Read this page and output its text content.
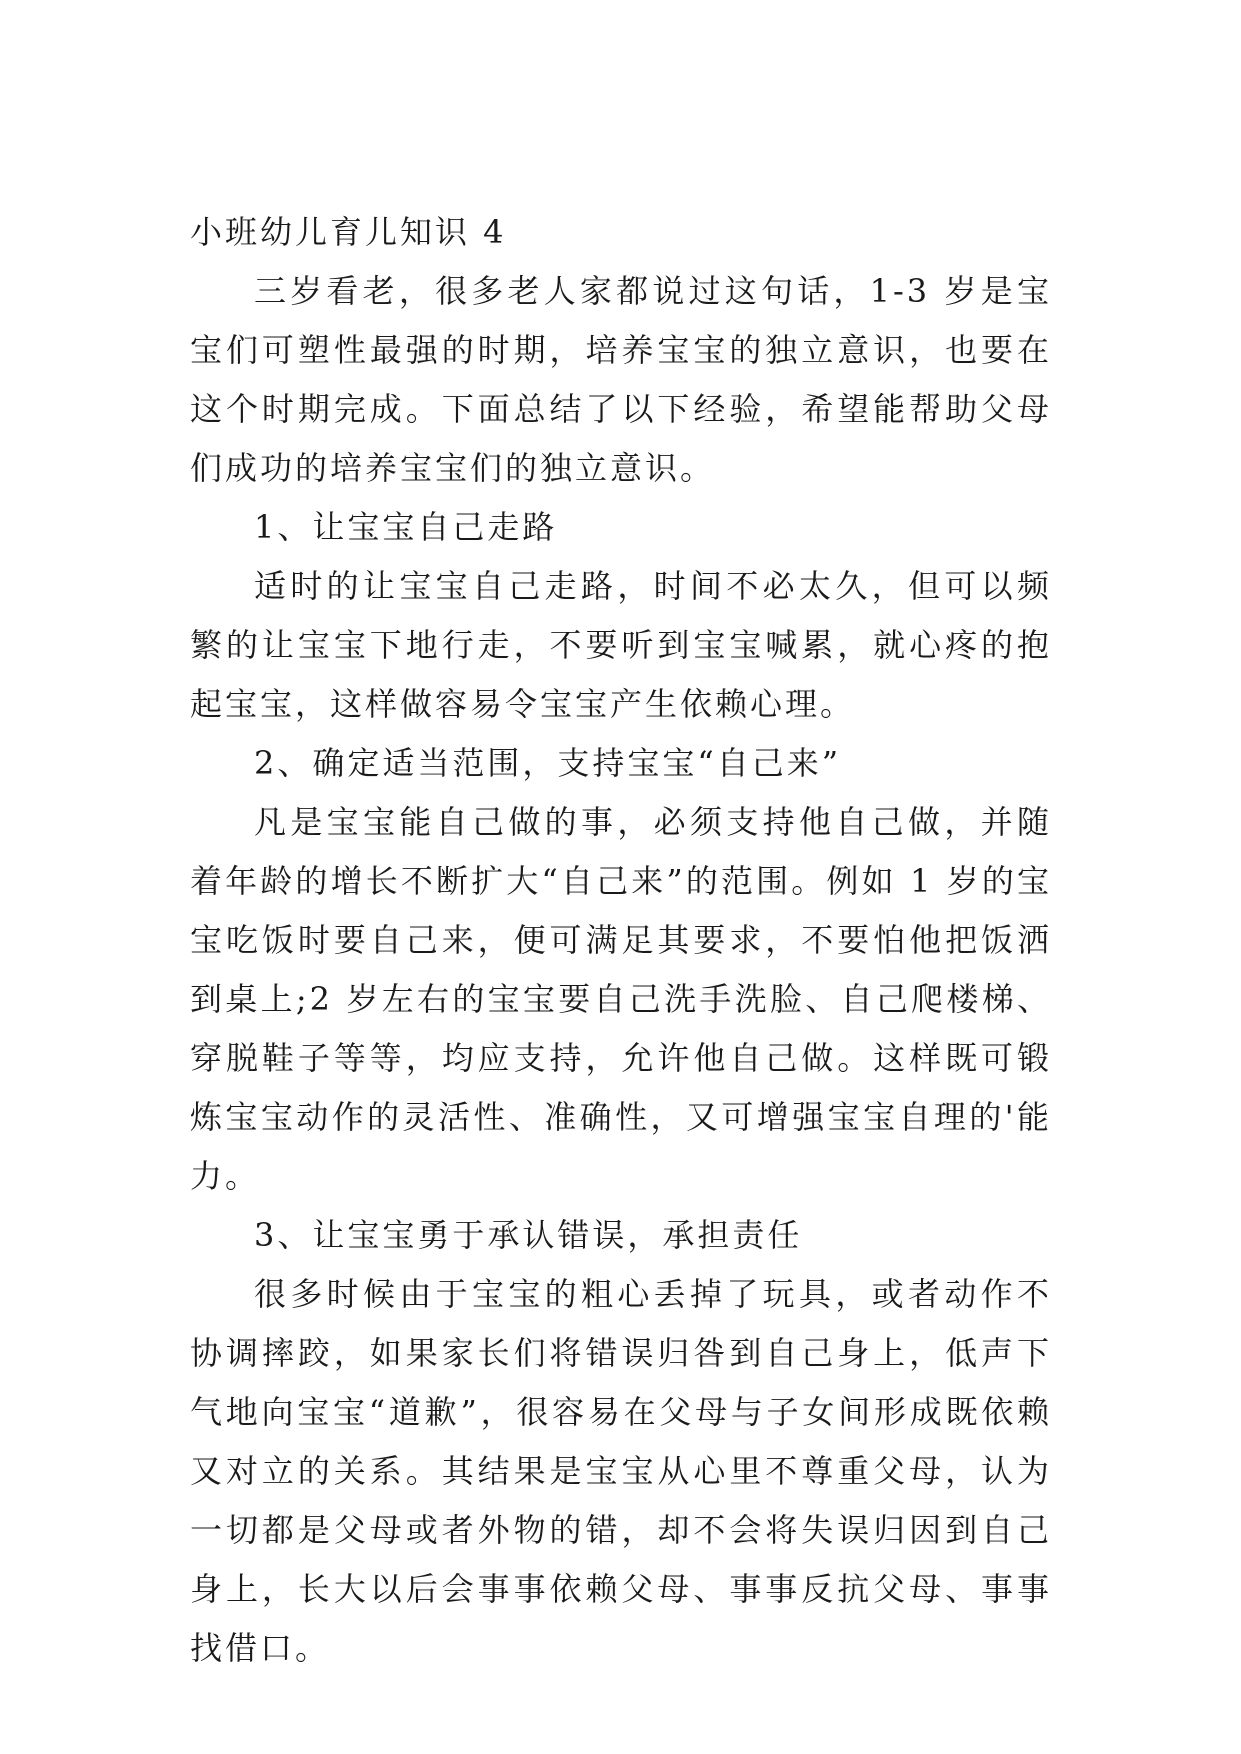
小班幼儿育儿知识 4

三岁看老，很多老人家都说过这句话，1-3 岁是宝宝们可塑性最强的时期，培养宝宝的独立意识，也要在这个时期完成。下面总结了以下经验，希望能帮助父母们成功的培养宝宝们的独立意识。

1、让宝宝自己走路

适时的让宝宝自己走路，时间不必太久，但可以频繁的让宝宝下地行走，不要听到宝宝喊累，就心疼的抱起宝宝，这样做容易令宝宝产生依赖心理。

2、确定适当范围，支持宝宝“自己来”

凡是宝宝能自己做的事，必须支持他自己做，并随着年龄的增长不断扩大“自己来”的范围。例如 1 岁的宝宝吃饭时要自己来，便可满足其要求，不要怕他把饭洒到桌上;2 岁左右的宝宝要自己洗手洗脸、自己爬楼梯、穿脱鞋子等等，均应支持，允许他自己做。这样既可锻炼宝宝动作的灵活性、准确性，又可增强宝宝自理的'能力。

3、让宝宝勇于承认错误，承担责任

很多时候由于宝宝的粗心丢掉了玩具，或者动作不协调摔跤，如果家长们将错误归咎到自己身上，低声下气地向宝宝“道歉”，很容易在父母与子女间形成既依赖又对立的关系。其结果是宝宝从心里不尊重父母，认为一切都是父母或者外物的错，却不会将失误归因到自己身上，长大以后会事事依赖父母、事事反抗父母、事事找借口。
